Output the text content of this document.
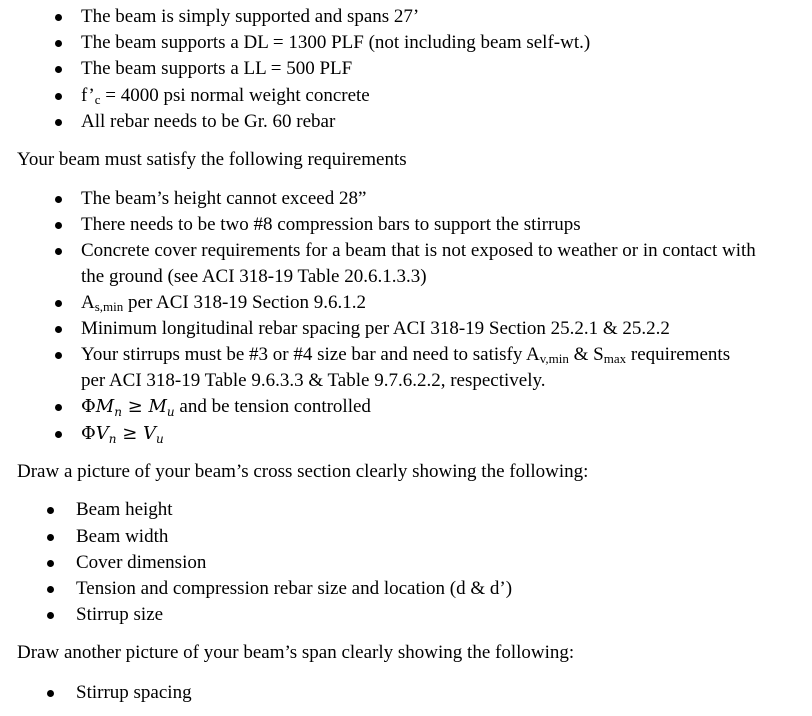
The beam is simply supported and spans 27’
The beam supports a DL = 1300 PLF (not including beam self-wt.)
The beam supports a LL = 500 PLF
$f’_c = 4000$ psi normal weight concrete
All rebar needs to be Gr. 60 rebar
Your beam must satisfy the following requirements
The beam’s height cannot exceed 28”
There needs to be two #8 compression bars to support the stirrups
Concrete cover requirements for a beam that is not exposed to weather or in contact with
the ground (see ACI 318-19 Table 20.6.1.3.3)
$A_{s,min}$ per ACI 318-19 Section 9.6.1.2
Minimum longitudinal rebar spacing per ACI 318-19 Section 25.2.1 & 25.2.2
Your stirrups must be #3 or #4 size bar and need to satisfy $A_{v,min}$ & $S_{max}$ requirements
per ACI 318-19 Table 9.6.3.3 & Table 9.7.6.2.2, respectively.
$\Phi M_n \ge M_u$ and be tension controlled
$\Phi V_n \ge V_u$
Draw a picture of your beam’s cross section clearly showing the following:
Beam height
Beam width
Cover dimension
Tension and compression rebar size and location (d & d’)
Stirrup size
Draw another picture of your beam’s span clearly showing the following:
Stirrup spacing
